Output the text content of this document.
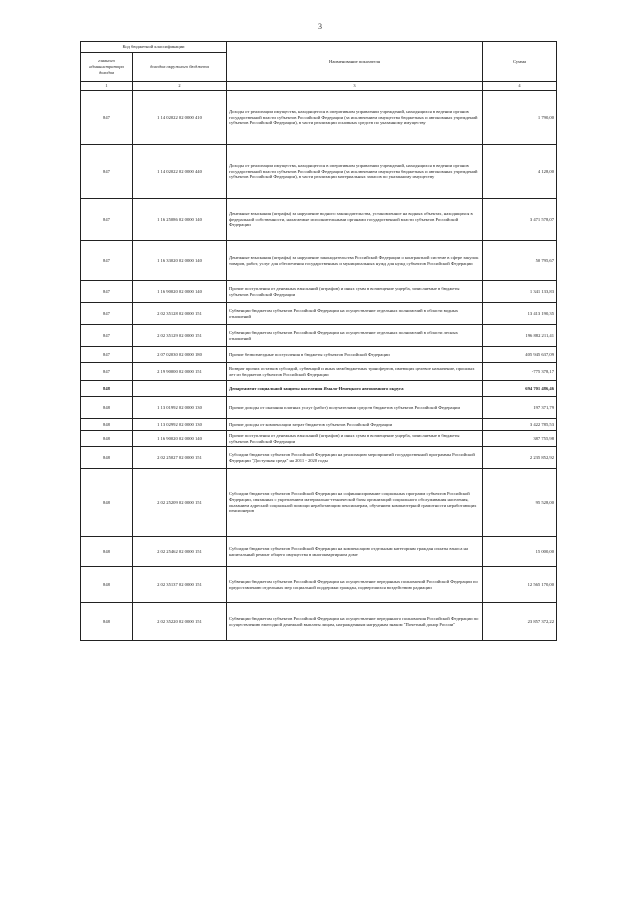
3
Код бюджетной классификации		Наименование показателя	Сумма
главного администратора доходов	доходов окружного бюджета		
1	2	3	4
847	1 14 02022 02 0000 410	Доходы от реализации имущества, находящегося в оперативном управлении учреждений, находящихся в ведении органов государственной власти субъектов Российской Федерации (за исключением имущества бюджетных и автономных учреждений субъектов Российской Федерации), в части реализации основных средств по указанному имуществу	1 790,00
847	1 14 02022 02 0000 440	Доходы от реализации имущества, находящегося в оперативном управлении учреждений, находящихся в ведении органов государственной власти субъектов Российской Федерации (за исключением имущества бюджетных и автономных учреждений субъектов Российской Федерации), в части реализации материальных запасов по указанному имуществу	4 128,00
847	1 16 25086 02 0000 140	Денежные взыскания (штрафы) за нарушение водного законодательства, установленное на водных объектах, находящихся в федеральной собственности, налагаемые исполнительными органами государственной власти субъектов Российской Федерации	3 471 578,07
847	1 16 33020 02 0000 140	Денежные взыскания (штрафы) за нарушение законодательства Российской Федерации о контрактной системе в сфере закупок товаров, работ, услуг для обеспечения государственных и муниципальных нужд для нужд субъектов Российской Федерации	50 795,67
847	1 16 90020 02 0000 140	Прочие поступления от денежных взысканий (штрафов) и иных сумм в возмещение ущерба, зачисляемые в бюджеты субъектов Российской Федерации	1 341 133,83
847	2 02 35128 02 0000 151	Субвенции бюджетам субъектов Российской Федерации на осуществление отдельных полномочий в области водных отношений	13 413 190,35
847	2 02 35129 02 0000 151	Субвенции бюджетам субъектов Российской Федерации на осуществление отдельных полномочий в области лесных отношений	196 882 211,41
847	2 07 02030 02 0000 180	Прочие безвозмездные поступления в бюджеты субъектов Российской Федерации	405 945 637,09
847	2 19 90000 02 0000 151	Возврат прочих остатков субсидий, субвенций и иных межбюджетных трансфертов, имеющих целевое назначение, прошлых лет из бюджетов субъектов Российской Федерации	-775 378,17
848		Департамент социальной защиты населения Ямало-Ненецкого автономного округа	694 701 486,46
848	1 13 01992 02 0000 130	Прочие доходы от оказания платных услуг (работ) получателями средств бюджетов субъектов Российской Федерации	197 371,79
848	1 13 02992 02 0000 130	Прочие доходы от компенсации затрат бюджетов субъектов Российской Федерации	3 422 785,53
848	1 16 90020 02 0000 140	Прочие поступления от денежных взысканий (штрафов) и иных сумм в возмещение ущерба, зачисляемые в бюджеты субъектов Российской Федерации	387 755,98
848	2 02 25027 02 0000 151	Субсидии бюджетам субъектов Российской Федерации на реализацию мероприятий государственной программы Российской Федерации "Доступная среда" на 2011 - 2020 годы	2 235 852,92
848	2 02 25209 02 0000 151	Субсидии бюджетам субъектов Российской Федерации на софинансирование социальных программ субъектов Российской Федерации, связанных с укреплением материально-технической базы организаций социального обслуживания населения, оказанием адресной социальной помощи неработающим пенсионерам, обучением компьютерной грамотности неработающих пенсионеров	95 528,00
848	2 02 25462 02 0000 151	Субсидии бюджетам субъектов Российской Федерации на компенсацию отдельным категориям граждан оплаты взноса на капитальный ремонт общего имущества в многоквартирном доме	15 000,00
848	2 02 35137 02 0000 151	Субвенции бюджетам субъектов Российской Федерации на осуществление переданных полномочий Российской Федерации по предоставлению отдельных мер социальной поддержки граждан, подвергшихся воздействию радиации	12 565 170,00
848	2 02 35220 02 0000 151	Субвенции бюджетам субъектов Российской Федерации на осуществление переданного полномочия Российской Федерации по осуществлению ежегодной денежной выплаты лицам, награжденным нагрудным знаком "Почетный донор России"	23 857 372,22
